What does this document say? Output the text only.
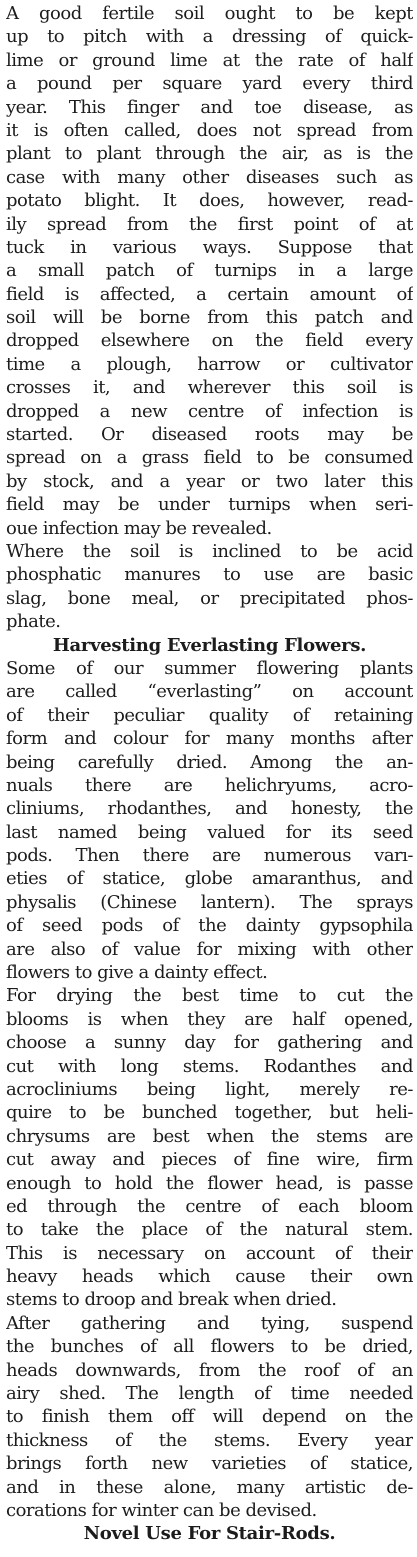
A good fertile soil ought to be kept
up to pitch with a dressing of quick-
lime or ground lime at the rate of half
a pound per square yard every third
year. This finger and toe disease, as
it is often called, does not spread from
plant to plant through the air, as is the
case with many other diseases such as
potato blight. It does, however, read-
ily spread from the first point of at
tuck in various ways. Suppose that
a small patch of turnips in a large
field is affected, a certain amount of
soil will be borne from this patch and
dropped elsewhere on the field every
time a plough, harrow or cultivator
crosses it, and wherever this soil is
dropped a new centre of infection is
started. Or diseased roots may be
spread on a grass field to be consumed
by stock, and a year or two later this
field may be under turnips when seri-
oue infection may be revealed.
Where the soil is inclined to be acid
phosphatic manures to use are basic
slag, bone meal, or precipitated phos-
phate.
Harvesting Everlasting Flowers.
Some of our summer flowering plants
are called “everlasting” on account
of their peculiar quality of retaining
form and colour for many months after
being carefully dried. Among the an-
nuals there are helichryums, acro-
cliniums, rhodanthes, and honesty, the
last named being valued for its seed
pods. Then there are numerous varı-
eties of statice, globe amaranthus, and
physalis (Chinese lantern). The sprays
of seed pods of the dainty gypsophila
are also of value for mixing with other
flowers to give a dainty effect.
For drying the best time to cut the
blooms is when they are half opened,
choose a sunny day for gathering and
cut with long stems. Rodanthes and
acrocliniums being light, merely re-
quire to be bunched together, but heli-
chrysums are best when the stems are
cut away and pieces of fine wire, firm
enough to hold the flower head, is passe
ed through the centre of each bloom
to take the place of the natural stem.
This is necessary on account of their
heavy heads which cause their own
stems to droop and break when dried.
After gathering and tying, suspend
the bunches of all flowers to be dried,
heads downwards, from the roof of an
airy shed. The length of time needed
to finish them off will depend on the
thickness of the stems. Every year
brings forth new varieties of statice,
and in these alone, many artistic de-
corations for winter can be devised.
Novel Use For Stair-Rods.
